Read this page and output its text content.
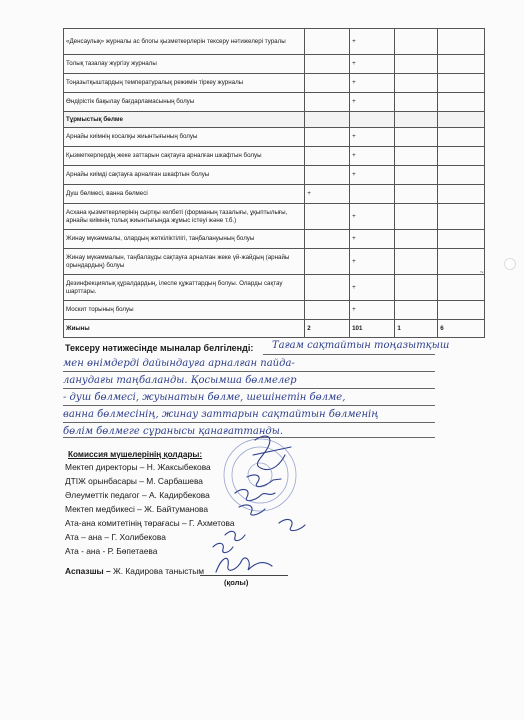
«Денсаулық» журналы ас блогы қызметкерлерін тексеру нәтижелері туралы		+		
Толық тазалау жүргізу журналы		+		
Тоңазытқыштардың температуралық режимін тіркеу журналы		+		
Өндірістік бақылау бағдарламасының болуы		+		
Тұрмыстық бөлме				
Арнайы киімнің косалқы жиынтығының болуы		+		
Қызметкерлердің жеке заттарын сақтауға арналған шкафтын болуы		+		
Арнайы киімді сақтауға арналған шкафтын болуы		+		
Душ бөлмесі, ванна бөлмесі	+			
Асхана қызметкерлерінің сыртқы келбеті (форманың тазалығы, ұқыптылығы, арнайы киімнің толық жиынтығында жұмыс істеуі және т.б.)		+		
Жинау мүкәммалы, олардың жеткіліктілігі, таңбалануының болуы		+		
Жинау мүкәммалын, таңбалауды сақтауға арналған жеке үй-жайдың (арнайы орындардың) болуы		+		
Дезинфекциялық құралдардың, ілеспе құжаттардың болуы. Оларды сақтау шарттары.		+		
Москит торының болуы		+		
Жиыны	2	101	1	6
~
Тексеру нәтижесінде мыналар белгіленді: Тағам сақтайтын тоңазытқыш
мен өнімдерді дайындауға арналған пайда-
ланудағы таңбаланды. Қосымша бөлмелер
- душ бөлмесі, жуынатын бөлме, шешінетін бөлме,
ванна бөлмесінің, жинау заттарын сақтайтын бөлменің
бөлім бөлмеге сұранысы қанағаттанды.
Комиссия мүшелерінің қолдары:
Мектеп директоры – Н. Жаксыбекова
ДТІЖ орынбасары – М. Сарбашева
Әлеуметтік педагог – А. Кадирбекова
Мектеп медбикесі – Ж. Байтуманова
Ата-ана комитетінің төрағасы – Г. Ахметова
Ата – ана – Г. Холибекова
Ата - ана - Р. Бөпетаева
Аспазшы – Ж. Кадирова таныстым
(қолы)
